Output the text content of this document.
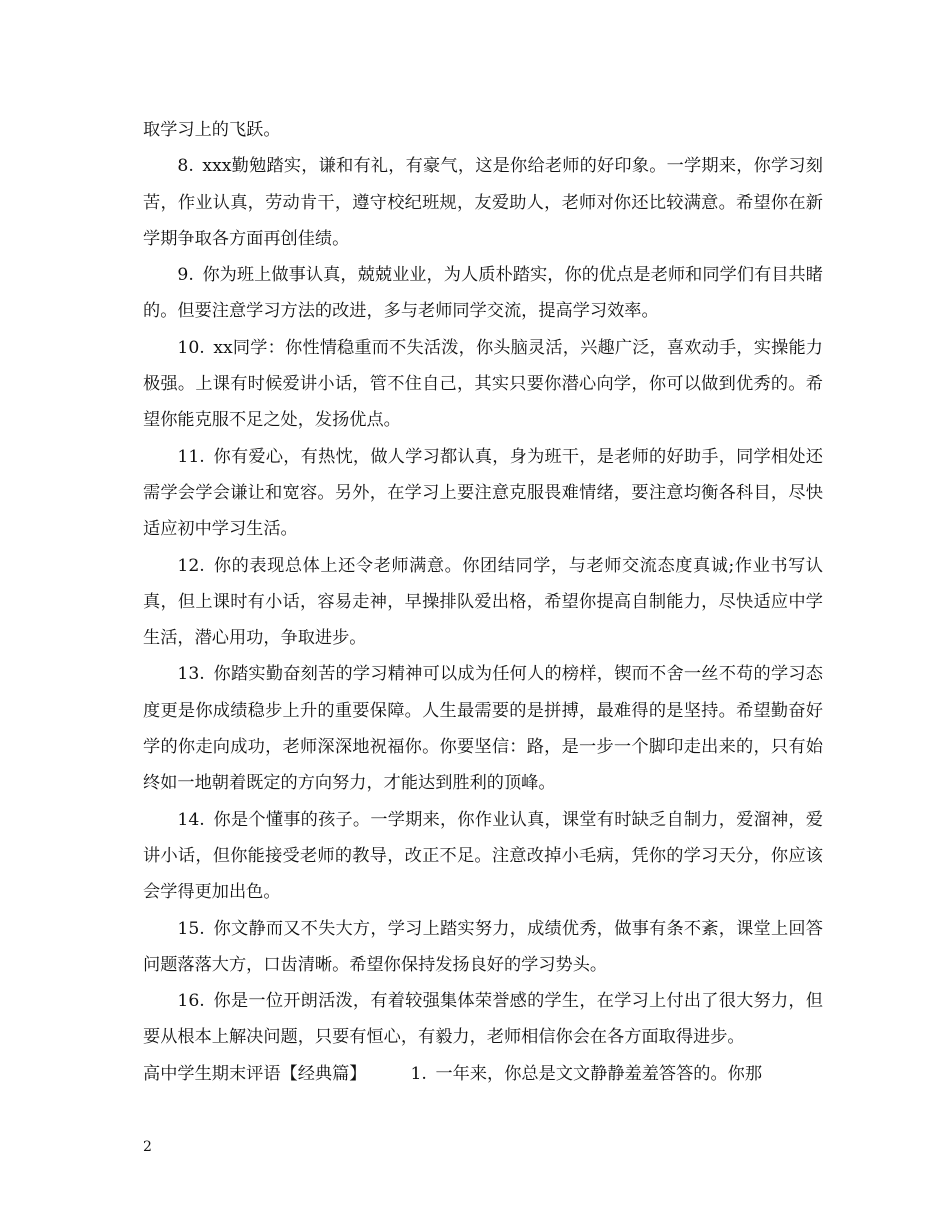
取学习上的飞跃。

8. xxx勤勉踏实，谦和有礼，有豪气，这是你给老师的好印象。一学期来，你学习刻苦，作业认真，劳动肯干，遵守校纪班规，友爱助人，老师对你还比较满意。希望你在新学期争取各方面再创佳绩。

9. 你为班上做事认真，兢兢业业，为人质朴踏实，你的优点是老师和同学们有目共睹的。但要注意学习方法的改进，多与老师同学交流，提高学习效率。

10. xx同学：你性情稳重而不失活泼，你头脑灵活，兴趣广泛，喜欢动手，实操能力极强。上课有时候爱讲小话，管不住自己，其实只要你潜心向学，你可以做到优秀的。希望你能克服不足之处，发扬优点。

11. 你有爱心，有热忱，做人学习都认真，身为班干，是老师的好助手，同学相处还需学会学会谦让和宽容。另外，在学习上要注意克服畏难情绪，要注意均衡各科目，尽快适应初中学习生活。

12. 你的表现总体上还令老师满意。你团结同学，与老师交流态度真诚;作业书写认真，但上课时有小话，容易走神，早操排队爱出格，希望你提高自制能力，尽快适应中学生活，潜心用功，争取进步。

13. 你踏实勤奋刻苦的学习精神可以成为任何人的榜样，锲而不舍一丝不苟的学习态度更是你成绩稳步上升的重要保障。人生最需要的是拼搏，最难得的是坚持。希望勤奋好学的你走向成功，老师深深地祝福你。你要坚信：路，是一步一个脚印走出来的，只有始终如一地朝着既定的方向努力，才能达到胜利的顶峰。

14. 你是个懂事的孩子。一学期来，你作业认真，课堂有时缺乏自制力，爱溜神，爱讲小话，但你能接受老师的教导，改正不足。注意改掉小毛病，凭你的学习天分，你应该会学得更加出色。

15. 你文静而又不失大方，学习上踏实努力，成绩优秀，做事有条不紊，课堂上回答问题落落大方，口齿清晰。希望你保持发扬良好的学习势头。

16. 你是一位开朗活泼，有着较强集体荣誉感的学生，在学习上付出了很大努力，但要从根本上解决问题，只要有恒心，有毅力，老师相信你会在各方面取得进步。

高中学生期末评语【经典篇】	1. 一年来，你总是文文静静羞羞答答的。你那

2
